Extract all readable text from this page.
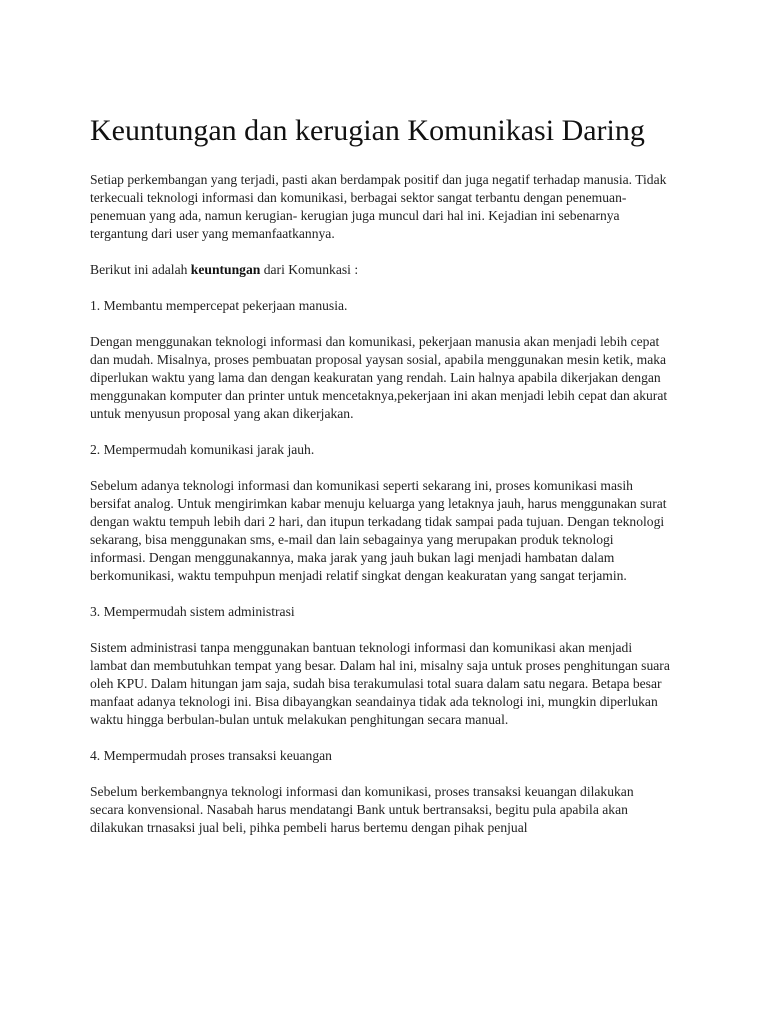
Keuntungan dan kerugian Komunikasi Daring

Setiap perkembangan yang terjadi, pasti akan berdampak positif dan juga negatif terhadap manusia. Tidak terkecuali teknologi informasi dan komunikasi, berbagai sektor sangat terbantu dengan penemuan- penemuan yang ada, namun kerugian- kerugian juga muncul dari hal ini. Kejadian ini sebenarnya tergantung dari user yang memanfaatkannya.

Berikut ini adalah keuntungan dari Komunkasi :

1. Membantu mempercepat pekerjaan manusia.

Dengan menggunakan teknologi informasi dan komunikasi, pekerjaan manusia akan menjadi lebih cepat dan mudah. Misalnya, proses pembuatan proposal yaysan sosial, apabila menggunakan mesin ketik, maka diperlukan waktu yang lama dan dengan keakuratan yang rendah. Lain halnya apabila dikerjakan dengan menggunakan komputer dan printer untuk mencetaknya,pekerjaan ini akan menjadi lebih cepat dan akurat untuk menyusun proposal yang akan dikerjakan.

2. Mempermudah komunikasi jarak jauh.

Sebelum adanya teknologi informasi dan komunikasi seperti sekarang ini, proses komunikasi masih bersifat analog. Untuk mengirimkan kabar menuju keluarga yang letaknya jauh, harus menggunakan surat dengan waktu tempuh lebih dari 2 hari, dan itupun terkadang tidak sampai pada tujuan. Dengan teknologi sekarang, bisa menggunakan sms, e-mail dan lain sebagainya yang merupakan produk teknologi informasi. Dengan menggunakannya, maka jarak yang jauh bukan lagi menjadi hambatan dalam berkomunikasi, waktu tempuhpun menjadi relatif singkat dengan keakuratan yang sangat terjamin.

3. Mempermudah sistem administrasi

Sistem administrasi tanpa menggunakan bantuan teknologi informasi dan komunikasi akan menjadi lambat dan membutuhkan tempat yang besar. Dalam hal ini, misalny saja untuk proses penghitungan suara oleh KPU. Dalam hitungan jam saja, sudah bisa terakumulasi total suara dalam satu negara. Betapa besar manfaat adanya teknologi ini. Bisa dibayangkan seandainya tidak ada teknologi ini, mungkin diperlukan waktu hingga berbulan-bulan untuk melakukan penghitungan secara manual.

4. Mempermudah proses transaksi keuangan

Sebelum berkembangnya teknologi informasi dan komunikasi, proses transaksi keuangan dilakukan secara konvensional. Nasabah harus mendatangi Bank untuk bertransaksi, begitu pula apabila akan dilakukan trnasaksi jual beli, pihka pembeli harus bertemu dengan pihak penjual
